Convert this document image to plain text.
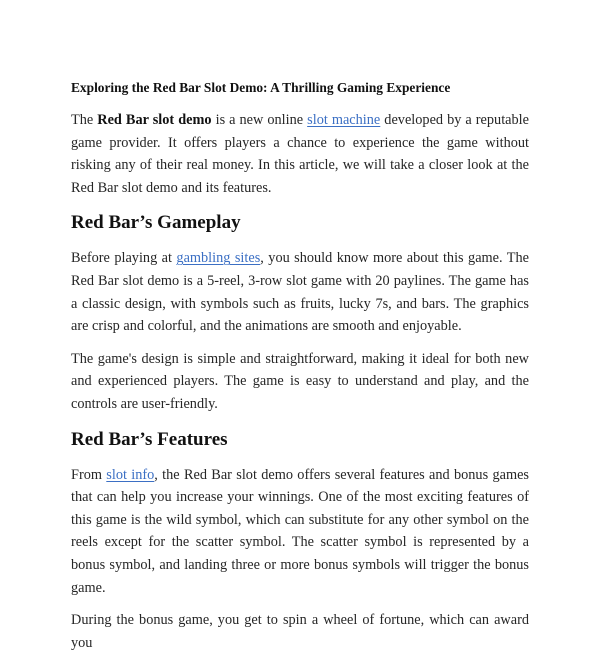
Exploring the Red Bar Slot Demo: A Thrilling Gaming Experience

The Red Bar slot demo is a new online slot machine developed by a reputable game provider. It offers players a chance to experience the game without risking any of their real money. In this article, we will take a closer look at the Red Bar slot demo and its features.

Red Bar’s Gameplay

Before playing at gambling sites, you should know more about this game. The Red Bar slot demo is a 5-reel, 3-row slot game with 20 paylines. The game has a classic design, with symbols such as fruits, lucky 7s, and bars. The graphics are crisp and colorful, and the animations are smooth and enjoyable.

The game's design is simple and straightforward, making it ideal for both new and experienced players. The game is easy to understand and play, and the controls are user-friendly.

Red Bar’s Features

From slot info, the Red Bar slot demo offers several features and bonus games that can help you increase your winnings. One of the most exciting features of this game is the wild symbol, which can substitute for any other symbol on the reels except for the scatter symbol. The scatter symbol is represented by a bonus symbol, and landing three or more bonus symbols will trigger the bonus game.

During the bonus game, you get to spin a wheel of fortune, which can award you
